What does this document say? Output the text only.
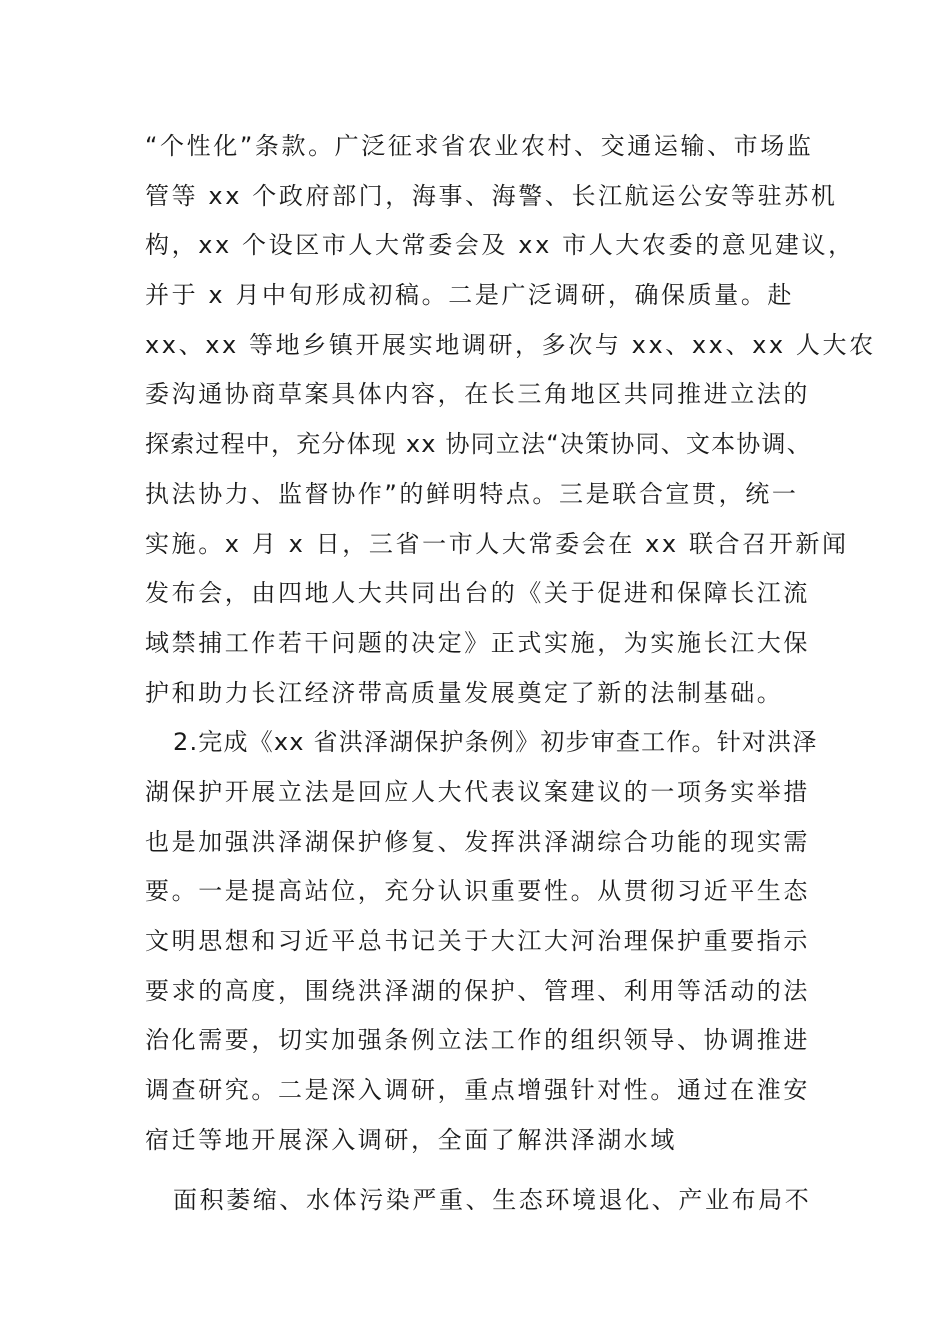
“个性化”条款。广泛征求省农业农村、交通运输、市场监
管等 xx 个政府部门，海事、海警、长江航运公安等驻苏机
构，xx 个设区市人大常委会及 xx 市人大农委的意见建议，
并于 x 月中旬形成初稿。二是广泛调研，确保质量。赴
xx、xx 等地乡镇开展实地调研，多次与 xx、xx、xx 人大农
委沟通协商草案具体内容，在长三角地区共同推进立法的
探索过程中，充分体现 xx 协同立法“决策协同、文本协调、
执法协力、监督协作”的鲜明特点。三是联合宣贯，统一
实施。x 月 x 日，三省一市人大常委会在 xx 联合召开新闻
发布会，由四地人大共同出台的《关于促进和保障长江流
域禁捕工作若干问题的决定》正式实施，为实施长江大保
护和助力长江经济带高质量发展奠定了新的法制基础。
2.完成《xx 省洪泽湖保护条例》初步审查工作。针对洪泽
湖保护开展立法是回应人大代表议案建议的一项务实举措
也是加强洪泽湖保护修复、发挥洪泽湖综合功能的现实需
要。一是提高站位，充分认识重要性。从贯彻习近平生态
文明思想和习近平总书记关于大江大河治理保护重要指示
要求的高度，围绕洪泽湖的保护、管理、利用等活动的法
治化需要，切实加强条例立法工作的组织领导、协调推进
调查研究。二是深入调研，重点增强针对性。通过在淮安
宿迁等地开展深入调研，全面了解洪泽湖水域
面积萎缩、水体污染严重、生态环境退化、产业布局不
